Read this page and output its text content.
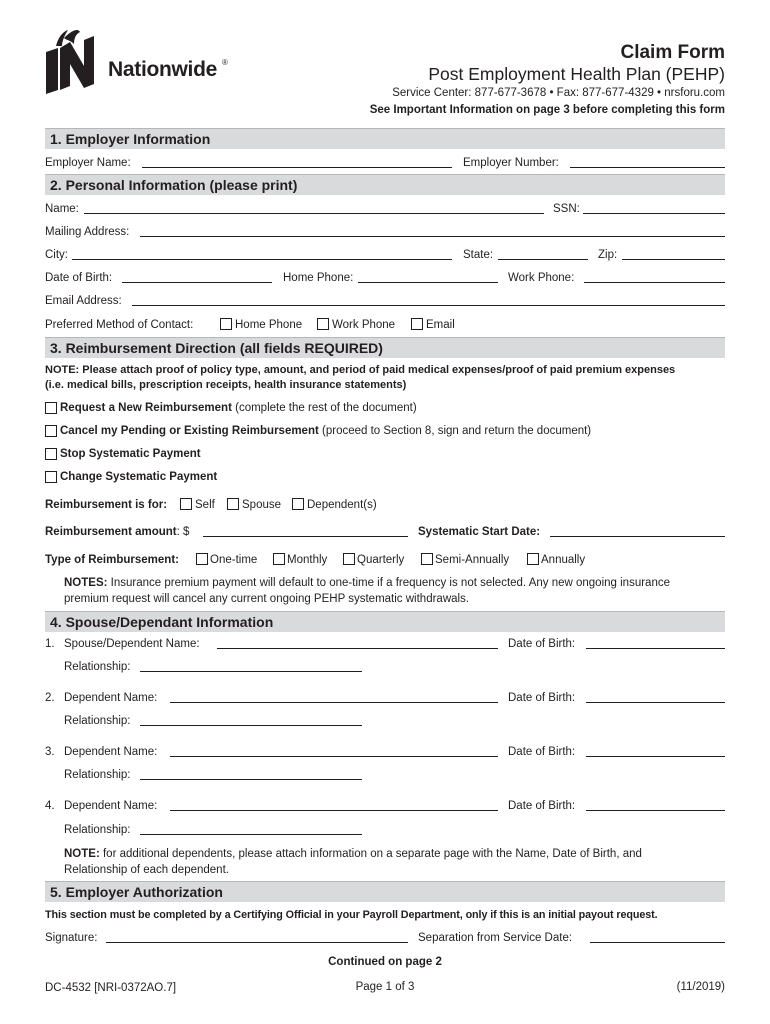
Nationwide ®	Claim Form
Post Employment Health Plan (PEHP)
Service Center: 877-677-3678 • Fax: 877-677-4329 • nrsforu.com
See Important Information on page 3 before completing this form
1. Employer Information
Employer Name:	Employer Number:
2. Personal Information (please print)
Name:	SSN:
Mailing Address:
City:	State:	Zip:
Date of Birth:	Home Phone:	Work Phone:
Email Address:
Preferred Method of Contact:	Home Phone	Work Phone	Email
3. Reimbursement Direction (all fields REQUIRED)
NOTE: Please attach proof of policy type, amount, and period of paid medical expenses/proof of paid premium expenses
(i.e. medical bills, prescription receipts, health insurance statements)
Request a New Reimbursement (complete the rest of the document)
Cancel my Pending or Existing Reimbursement (proceed to Section 8, sign and return the document)
Stop Systematic Payment
Change Systematic Payment
Reimbursement is for: Self Spouse Dependent(s)
Reimbursement amount: $	Systematic Start Date:
Type of Reimbursement:	One-time	Monthly	Quarterly	Semi-Annually	Annually
NOTES: Insurance premium payment will default to one-time if a frequency is not selected. Any new ongoing insurance
premium request will cancel any current ongoing PEHP systematic withdrawals.
4. Spouse/Dependant Information
1. Spouse/Dependent Name:	Date of Birth:
Relationship:
2. Dependent Name:	Date of Birth:
Relationship:
3. Dependent Name:	Date of Birth:
Relationship:
4. Dependent Name:	Date of Birth:
Relationship:
NOTE: for additional dependents, please attach information on a separate page with the Name, Date of Birth, and
Relationship of each dependent.
5. Employer Authorization
This section must be completed by a Certifying Official in your Payroll Department, only if this is an initial payout request.
Signature:	Separation from Service Date:
Continued on page 2
DC-4532 [NRI-0372AO.7]	Page 1 of 3	(11/2019)
